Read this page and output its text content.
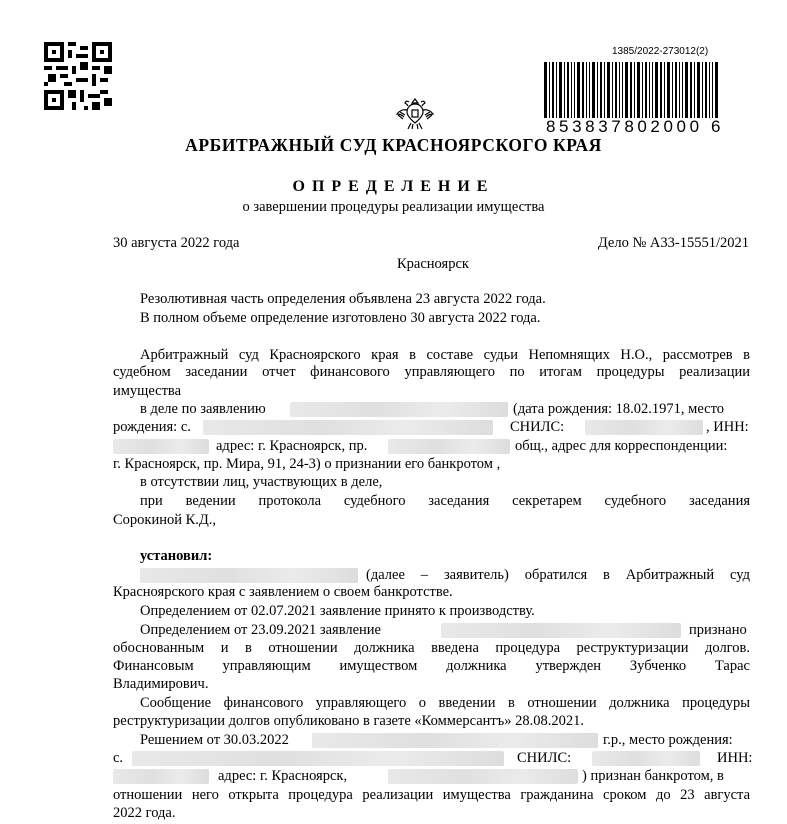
1385/2022-273012(2)
853837802000 6
АРБИТРАЖНЫЙ СУД КРАСНОЯРСКОГО КРАЯ
ОПРЕДЕЛЕНИЕ
о завершении процедуры реализации имущества
30 августа 2022 года	Дело № А33-15551/2021
Красноярск
Резолютивная часть определения объявлена 23 августа 2022 года.
В полном объеме определение изготовлено 30 августа 2022 года.
Арбитражный суд Красноярского края в составе судьи Непомнящих Н.О., рассмотрев в
судебном заседании отчет финансового управляющего по итогам процедуры реализации
имущества
в деле по заявлению	(дата рождения: 18.02.1971, место
рождения: с.	СНИЛС:	, ИНН:
адрес: г. Красноярск, пр.	общ., адрес для корреспонденции:
г. Красноярск, пр. Мира, 91, 24-3) о признании его банкротом ,
в отсутствии лиц, участвующих в деле,
при ведении протокола судебного заседания секретарем судебного заседания
Сорокиной К.Д.,
установил:
(далее – заявитель) обратился в Арбитражный суд
Красноярского края с заявлением о своем банкротстве.
Определением от 02.07.2021 заявление принято к производству.
Определением от 23.09.2021 заявление	признано
обоснованным и в отношении должника введена процедура реструктуризации долгов.
Финансовым управляющим имуществом должника утвержден Зубченко Тарас
Владимирович.
Сообщение финансового управляющего о введении в отношении должника процедуры
реструктуризации долгов опубликовано в газете «Коммерсантъ» 28.08.2021.
Решением от 30.03.2022	г.р., место рождения:
с.	СНИЛС:	ИНН:
адрес: г. Красноярск,	) признан банкротом, в
отношении него открыта процедура реализации имущества гражданина сроком до 23 августа
2022 года.
